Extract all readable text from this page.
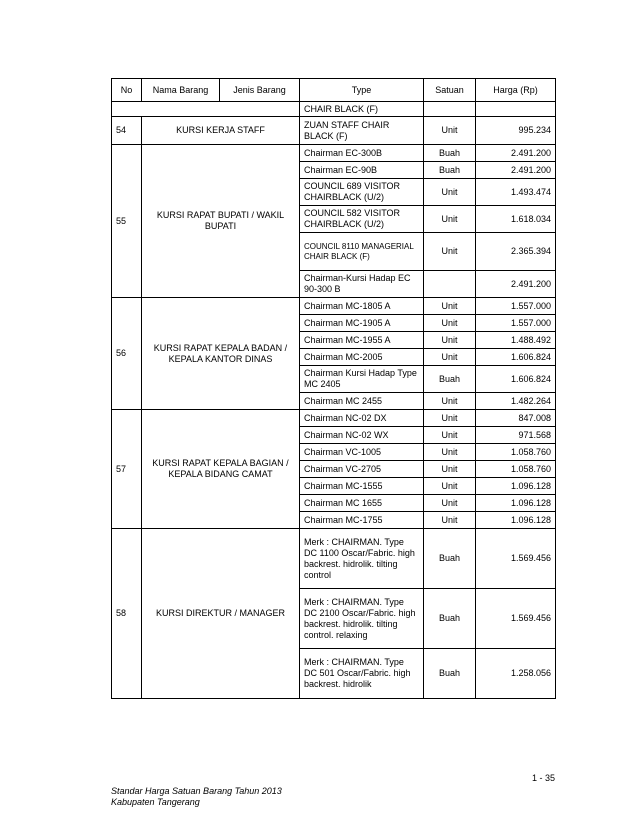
No	Nama Barang	Jenis Barang	Type	Satuan	Harga (Rp)
			CHAIR BLACK (F)		
54	KURSI KERJA STAFF		ZUAN STAFF CHAIR BLACK (F)	Unit	995.234
55	KURSI RAPAT BUPATI / WAKIL BUPATI		Chairman EC-300B	Buah	2.491.200
			Chairman EC-90B	Buah	2.491.200
			COUNCIL 689 VISITOR CHAIRBLACK (U/2)	Unit	1.493.474
			COUNCIL 582 VISITOR CHAIRBLACK (U/2)	Unit	1.618.034
			COUNCIL 8110 MANAGERIAL CHAIR BLACK (F)	Unit	2.365.394
			Chairman-Kursi Hadap EC 90-300 B		2.491.200
56	KURSI RAPAT KEPALA BADAN / KEPALA KANTOR DINAS		Chairman MC-1805 A	Unit	1.557.000
			Chairman MC-1905 A	Unit	1.557.000
			Chairman MC-1955 A	Unit	1.488.492
			Chairman MC-2005	Unit	1.606.824
			Chairman Kursi Hadap Type MC 2405	Buah	1.606.824
			Chairman MC 2455	Unit	1.482.264
57	KURSI RAPAT KEPALA BAGIAN / KEPALA BIDANG CAMAT		Chairman NC-02 DX	Unit	847.008
			Chairman NC-02 WX	Unit	971.568
			Chairman VC-1005	Unit	1.058.760
			Chairman VC-2705	Unit	1.058.760
			Chairman MC-1555	Unit	1.096.128
			Chairman MC 1655	Unit	1.096.128
			Chairman MC-1755	Unit	1.096.128
58	KURSI DIREKTUR / MANAGER		Merk : CHAIRMAN. Type DC 1100 Oscar/Fabric. high backrest. hidrolik. tilting control	Buah	1.569.456
			Merk : CHAIRMAN. Type DC 2100 Oscar/Fabric. high backrest. hidrolik. tilting control. relaxing	Buah	1.569.456
			Merk : CHAIRMAN. Type DC 501 Oscar/Fabric. high backrest. hidrolik	Buah	1.258.056
1 - 35
Standar Harga Satuan Barang Tahun 2013
Kabupaten Tangerang
